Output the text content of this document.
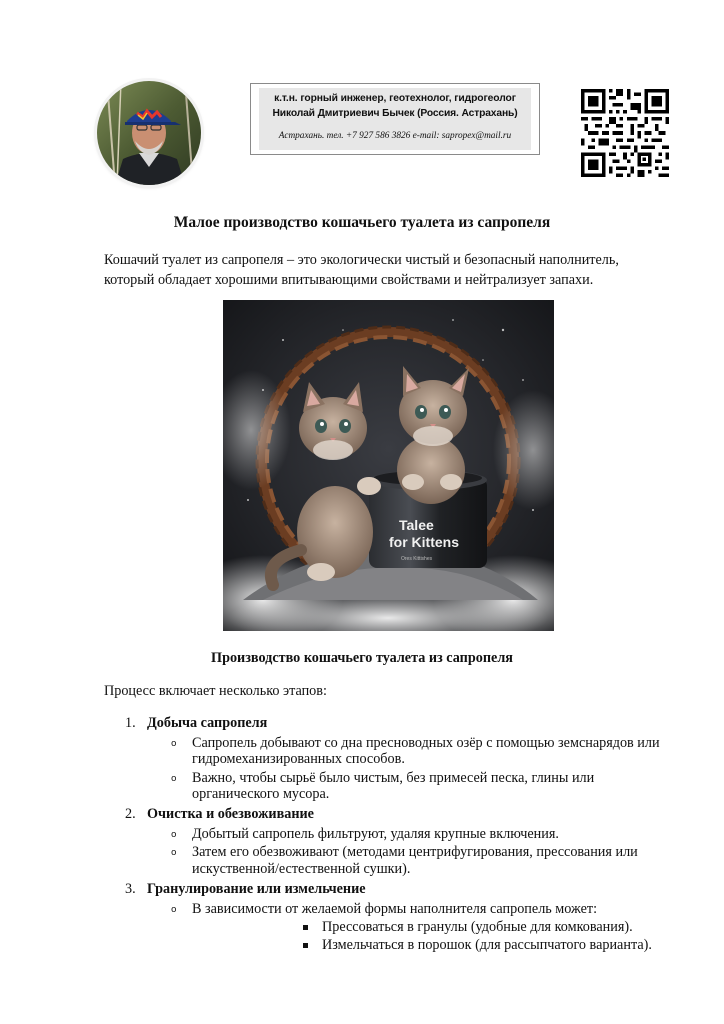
к.т.н. горный инженер, геотехнолог, гидрогеолог
Николай Дмитриевич Бычек (Россия. Астрахань)
Астрахань. тел. +7 927 586 3826 e-mail: sapropex@mail.ru
Малое производство кошачьего туалета из сапропеля
Кошачий туалет из сапропеля – это экологически чистый и безопасный наполнитель, который обладает хорошими впитывающими свойствами и нейтрализует запахи.
Talee
for Kittens
Ores Kittishes
Производство кошачьего туалета из сапропеля
Процесс включает несколько этапов:
1. Добыча сапропеля
o Сапропель добывают со дна пресноводных озёр с помощью земснарядов или гидромеханизированных способов.
o Важно, чтобы сырьё было чистым, без примесей песка, глины или органического мусора.
2. Очистка и обезвоживание
o Добытый сапропель фильтруют, удаляя крупные включения.
o Затем его обезвоживают (методами центрифугирования, прессования или искуственной/естественной сушки).
3. Гранулирование или измельчение
o В зависимости от желаемой формы наполнителя сапропель может:
Прессоваться в гранулы (удобные для комкования).
Измельчаться в порошок (для рассыпчатого варианта).
